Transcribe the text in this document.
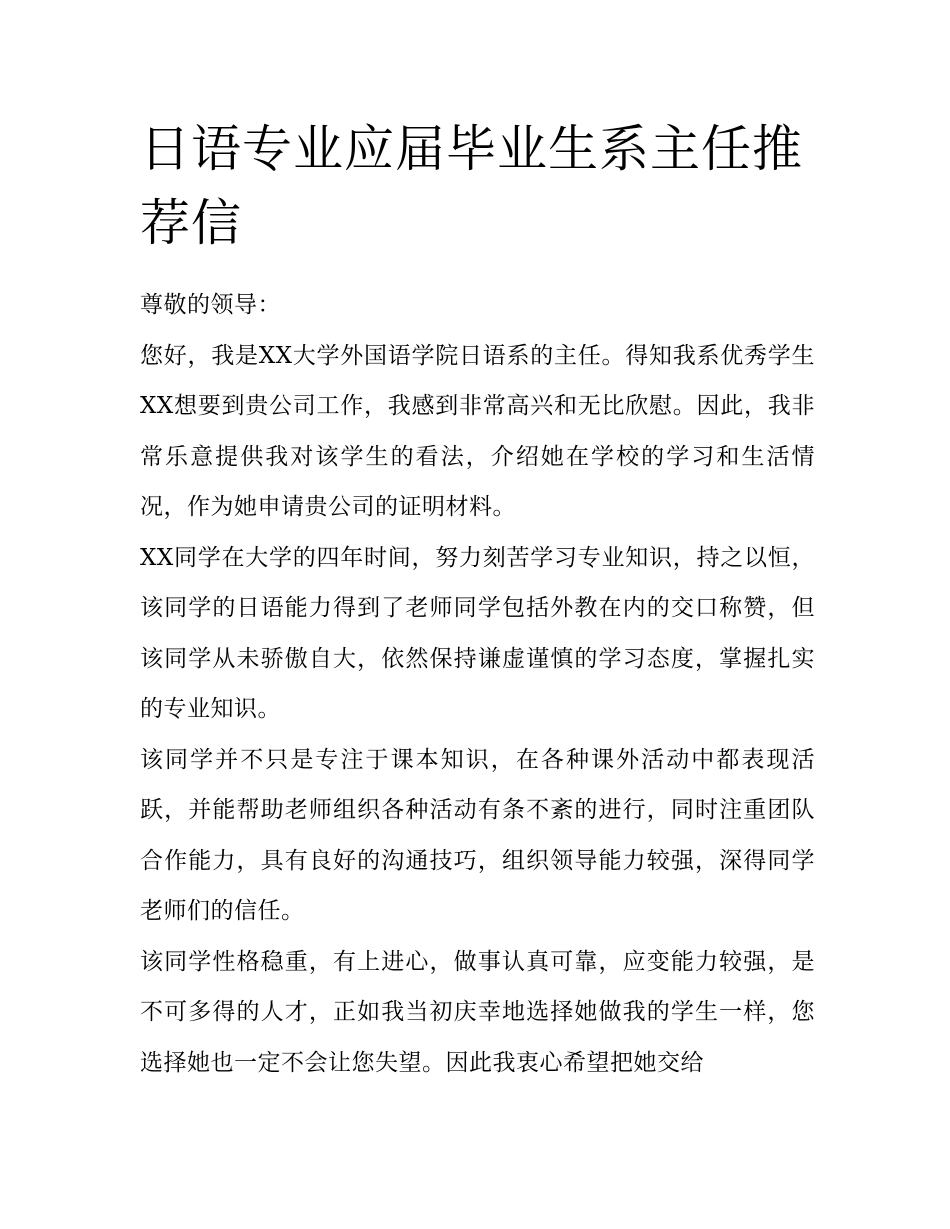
日语专业应届毕业生系主任推荐信

尊敬的领导：

您好，我是XX大学外国语学院日语系的主任。得知我系优秀学生XX想要到贵公司工作，我感到非常高兴和无比欣慰。因此，我非常乐意提供我对该学生的看法，介绍她在学校的学习和生活情况，作为她申请贵公司的证明材料。

XX同学在大学的四年时间，努力刻苦学习专业知识，持之以恒，该同学的日语能力得到了老师同学包括外教在内的交口称赞，但该同学从未骄傲自大，依然保持谦虚谨慎的学习态度，掌握扎实的专业知识。

该同学并不只是专注于课本知识，在各种课外活动中都表现活跃，并能帮助老师组织各种活动有条不紊的进行，同时注重团队合作能力，具有良好的沟通技巧，组织领导能力较强，深得同学老师们的信任。

该同学性格稳重，有上进心，做事认真可靠，应变能力较强，是不可多得的人才，正如我当初庆幸地选择她做我的学生一样，您选择她也一定不会让您失望。因此我衷心希望把她交给
